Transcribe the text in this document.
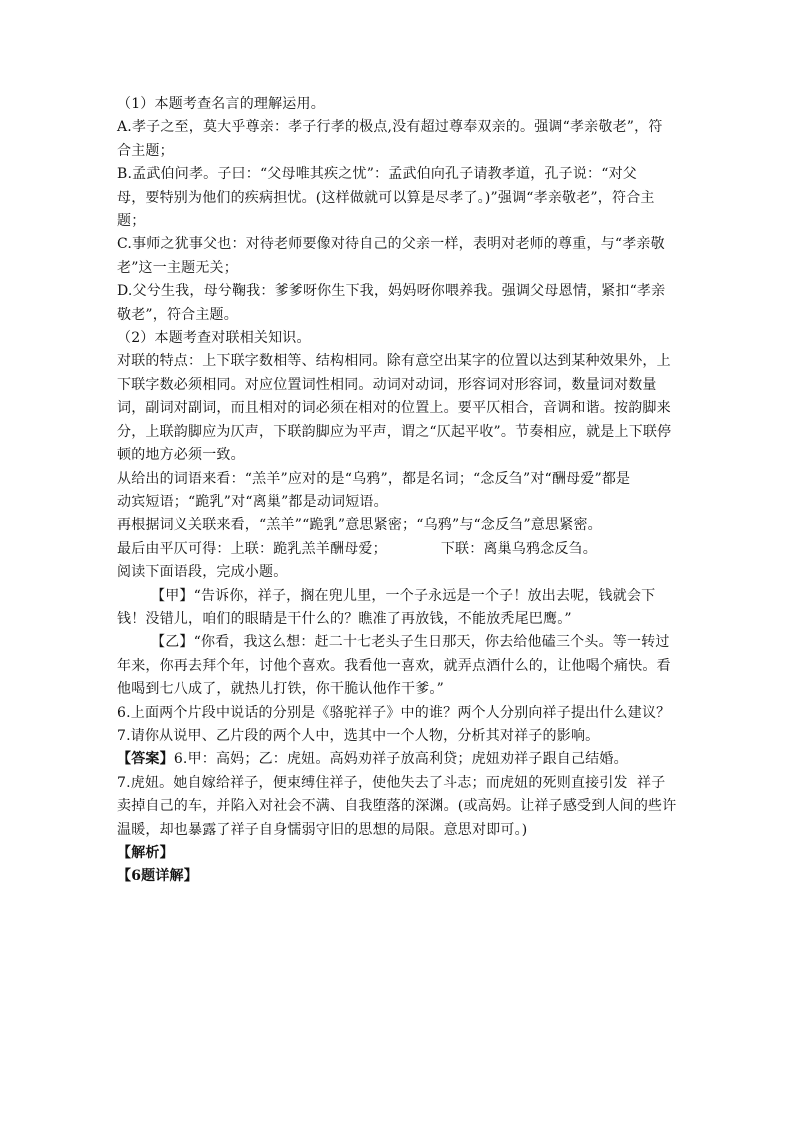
（1）本题考查名言的理解运用。
A.孝子之至，莫大乎尊亲：孝子行孝的极点,没有超过尊奉双亲的。强调“孝亲敬老”，符
合主题；
B.孟武伯问孝。子曰：“父母唯其疾之忧”：孟武伯向孔子请教孝道，孔子说：“对父
母，要特别为他们的疾病担忧。(这样做就可以算是尽孝了。)”强调“孝亲敬老”，符合主
题；
C.事师之犹事父也：对待老师要像对待自己的父亲一样，表明对老师的尊重，与“孝亲敬
老”这一主题无关；
D.父兮生我，母兮鞠我：爹爹呀你生下我，妈妈呀你喂养我。强调父母恩情，紧扣“孝亲
敬老”，符合主题。
（2）本题考查对联相关知识。
对联的特点：上下联字数相等、结构相同。除有意空出某字的位置以达到某种效果外，上
下联字数必须相同。对应位置词性相同。动词对动词，形容词对形容词，数量词对数量
词，副词对副词，而且相对的词必须在相对的位置上。要平仄相合，音调和谐。按韵脚来
分，上联韵脚应为仄声，下联韵脚应为平声，谓之“仄起平收”。节奏相应，就是上下联停
顿的地方必须一致。
从给出的词语来看：“羔羊”应对的是“乌鸦”，都是名词；“念反刍”对“酬母爱”都是
动宾短语；“跪乳”对“离巢”都是动词短语。
再根据词义关联来看，“羔羊”“跪乳”意思紧密；“乌鸦”与“念反刍”意思紧密。
最后由平仄可得：上联：跪乳羔羊酬母爱；	下联：离巢乌鸦念反刍。
阅读下面语段，完成小题。
【甲】“告诉你，祥子，搁在兜儿里，一个子永远是一个子！放出去呢，钱就会下
钱！没错儿，咱们的眼睛是干什么的？瞧准了再放钱，不能放秃尾巴鹰。”
【乙】“你看，我这么想：赶二十七老头子生日那天，你去给他磕三个头。等一转过
年来，你再去拜个年，讨他个喜欢。我看他一喜欢，就弄点酒什么的，让他喝个痛快。看
他喝到七八成了，就热儿打铁，你干脆认他作干爹。”
6.上面两个片段中说话的分别是《骆驼祥子》中的谁？两个人分别向祥子提出什么建议？
7.请你从说甲、乙片段的两个人中，选其中一个人物，分析其对祥子的影响。
【答案】6.甲：高妈；乙：虎妞。高妈劝祥子放高利贷；虎妞劝祥子跟自己结婚。
7.虎妞。她自嫁给祥子，便束缚住祥子，使他失去了斗志；而虎妞的死则直接引发  祥子
卖掉自己的车，并陷入对社会不满、自我堕落的深渊。(或高妈。让祥子感受到人间的些许
温暖，却也暴露了祥子自身懦弱守旧的思想的局限。意思对即可。)
【解析】
【6题详解】
